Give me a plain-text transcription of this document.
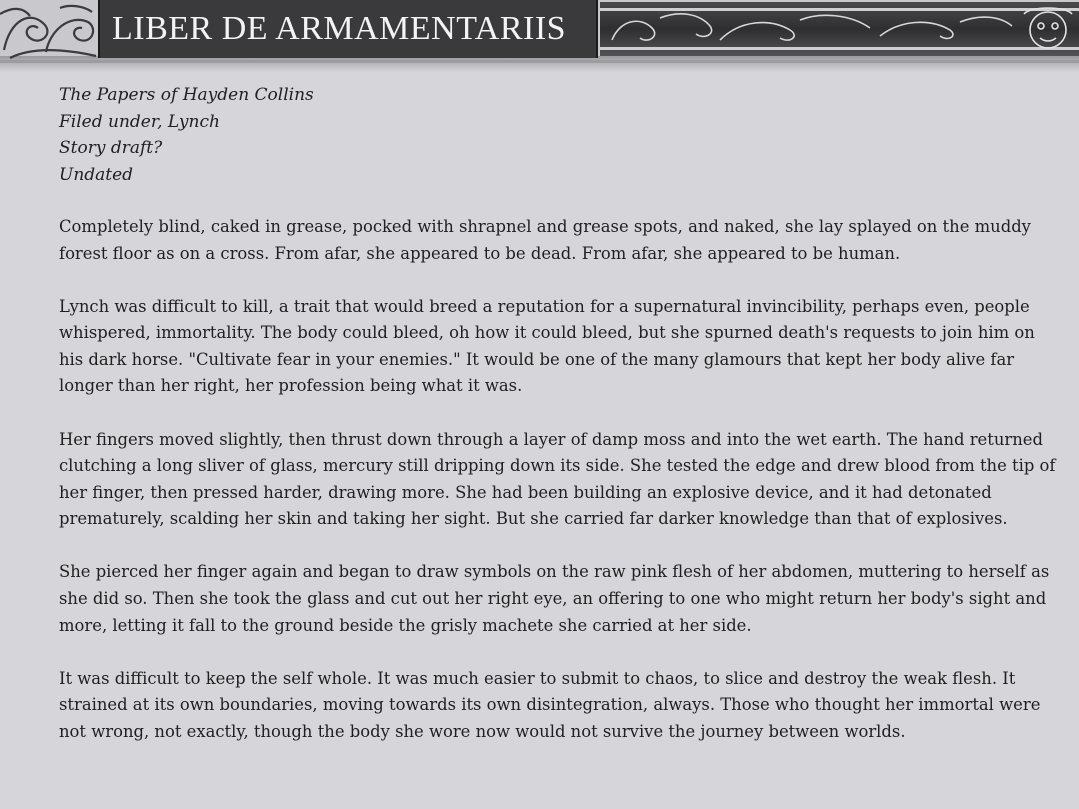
LIBER DE ARMAMENTARIIS
The Papers of Hayden Collins
Filed under, Lynch
Story draft?
Undated

Completely blind, caked in grease, pocked with shrapnel and grease spots, and naked, she lay splayed on the muddy forest floor as on a cross. From afar, she appeared to be dead. From afar, she appeared to be human.

Lynch was difficult to kill, a trait that would breed a reputation for a supernatural invincibility, perhaps even, people whispered, immortality. The body could bleed, oh how it could bleed, but she spurned death's requests to join him on his dark horse. "Cultivate fear in your enemies." It would be one of the many glamours that kept her body alive far longer than her right, her profession being what it was.

Her fingers moved slightly, then thrust down through a layer of damp moss and into the wet earth. The hand returned clutching a long sliver of glass, mercury still dripping down its side. She tested the edge and drew blood from the tip of her finger, then pressed harder, drawing more. She had been building an explosive device, and it had detonated prematurely, scalding her skin and taking her sight. But she carried far darker knowledge than that of explosives.

She pierced her finger again and began to draw symbols on the raw pink flesh of her abdomen, muttering to herself as she did so. Then she took the glass and cut out her right eye, an offering to one who might return her body's sight and more, letting it fall to the ground beside the grisly machete she carried at her side.

It was difficult to keep the self whole. It was much easier to submit to chaos, to slice and destroy the weak flesh. It strained at its own boundaries, moving towards its own disintegration, always. Those who thought her immortal were not wrong, not exactly, though the body she wore now would not survive the journey between worlds.
